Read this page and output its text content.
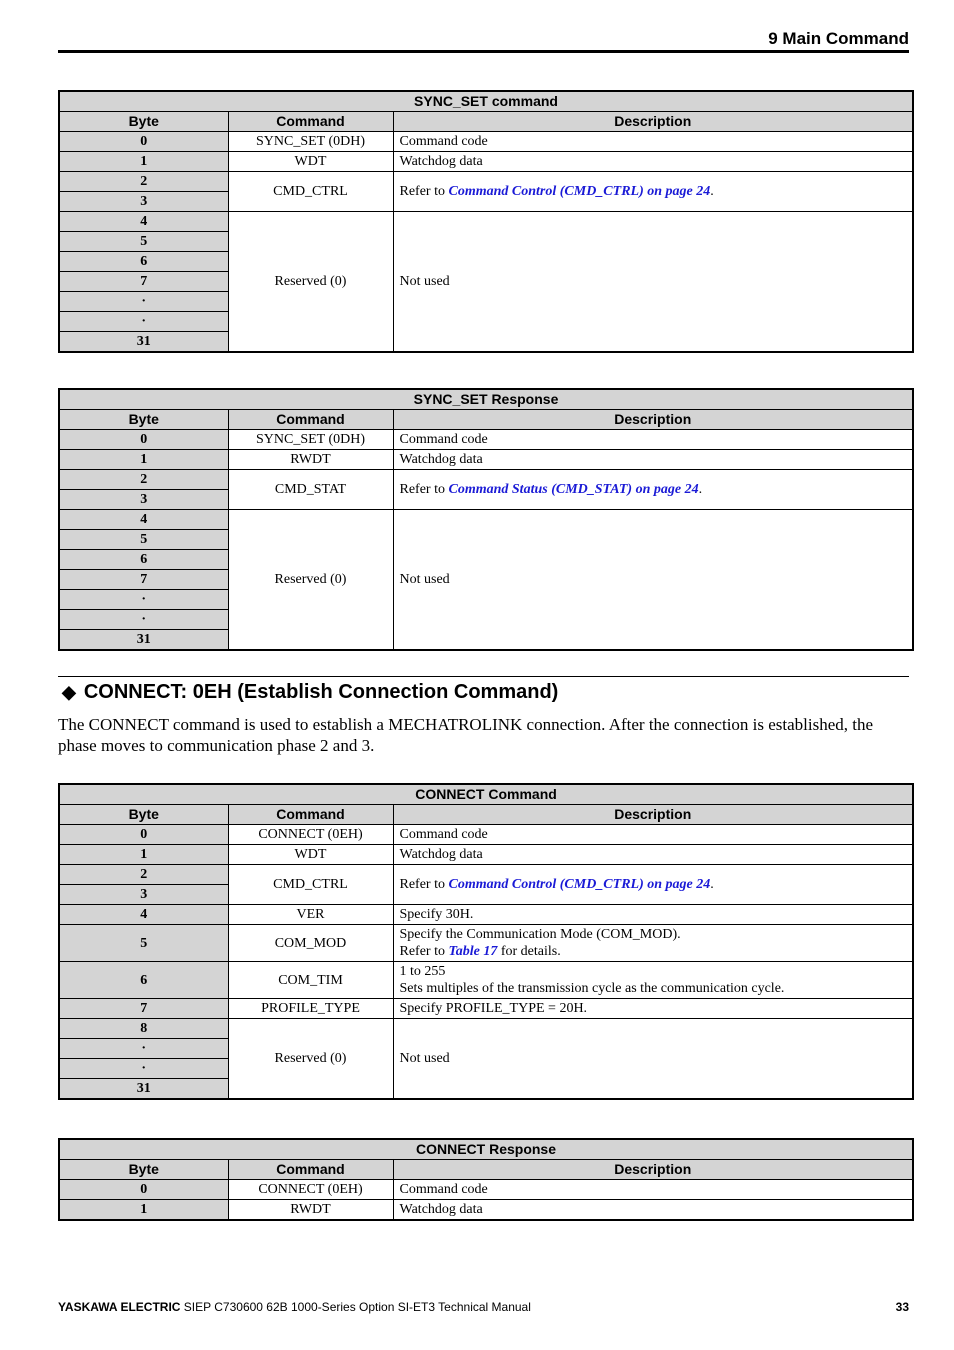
9 Main Command
SYNC_SET command		
Byte	Command	Description
0	SYNC_SET (0DH)	Command code
1	WDT	Watchdog data
2	CMD_CTRL	Refer to Command Control (CMD_CTRL) on page 24.
3		
4	Reserved (0)	Not used
5		
6		
7		
·		
·		
31		
SYNC_SET Response		
Byte	Command	Description
0	SYNC_SET (0DH)	Command code
1	RWDT	Watchdog data
2	CMD_STAT	Refer to Command Status (CMD_STAT) on page 24.
3		
4	Reserved (0)	Not used
5		
6		
7		
·		
·		
31		
◆ CONNECT: 0EH (Establish Connection Command)
The CONNECT command is used to establish a MECHATROLINK connection. After the connection is established, the phase moves to communication phase 2 and 3.
CONNECT Command		
Byte	Command	Description
0	CONNECT (0EH)	Command code
1	WDT	Watchdog data
2	CMD_CTRL	Refer to Command Control (CMD_CTRL) on page 24.
3		
4	VER	Specify 30H.
5	COM_MOD	Specify the Communication Mode (COM_MOD).
Refer to Table 17 for details.

6	COM_TIM	1 to 255
Sets multiples of the transmission cycle as the communication cycle.

7	PROFILE_TYPE	Specify PROFILE_TYPE = 20H.
8	Reserved (0)	Not used
·		
·		
31		
CONNECT Response		
Byte	Command	Description
0	CONNECT (0EH)	Command code
1	RWDT	Watchdog data
YASKAWA ELECTRIC SIEP C730600 62B 1000-Series Option SI-ET3 Technical Manual	33
